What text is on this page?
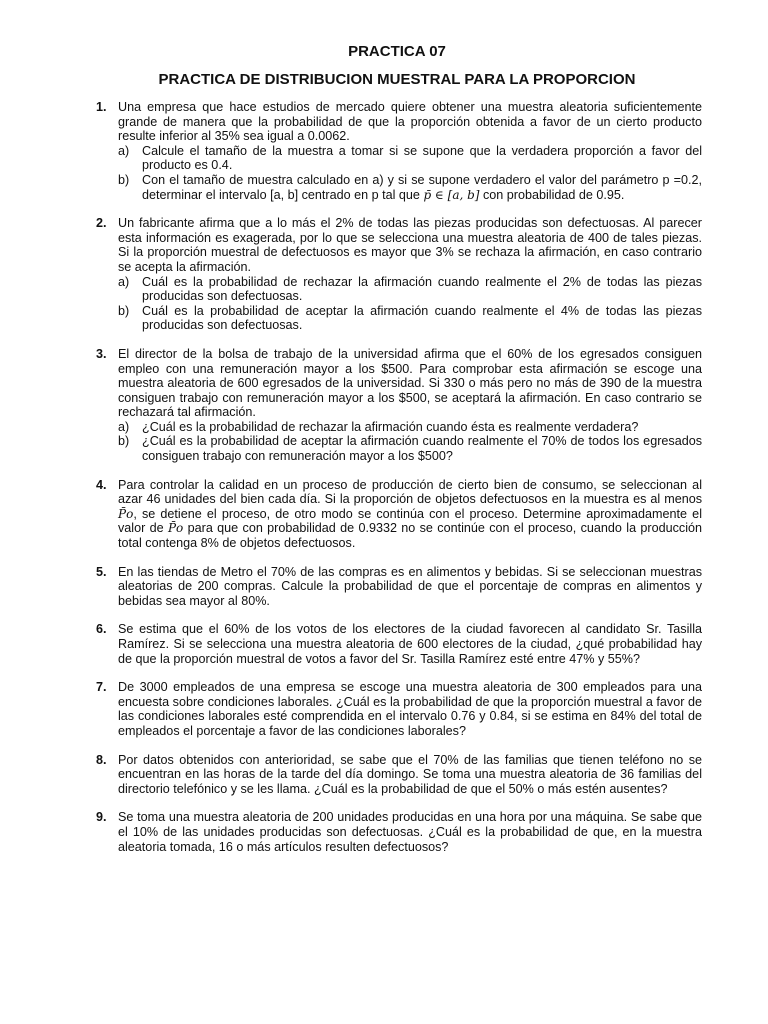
PRACTICA 07
PRACTICA DE DISTRIBUCION MUESTRAL PARA LA PROPORCION
1. Una empresa que hace estudios de mercado quiere obtener una muestra aleatoria suficientemente grande de manera que la probabilidad de que la proporción obtenida a favor de un cierto producto resulte inferior al 35% sea igual a 0.0062.
a) Calcule el tamaño de la muestra a tomar si se supone que la verdadera proporción a favor del producto es 0.4.
b) Con el tamaño de muestra calculado en a) y si se supone verdadero el valor del parámetro p =0.2, determinar el intervalo [a, b] centrado en p tal que p̄ ∈ [a, b] con probabilidad de 0.95.
2. Un fabricante afirma que a lo más el 2% de todas las piezas producidas son defectuosas. Al parecer esta información es exagerada, por lo que se selecciona una muestra aleatoria de 400 de tales piezas. Si la proporción muestral de defectuosos es mayor que 3% se rechaza la afirmación, en caso contrario se acepta la afirmación.
a) Cuál es la probabilidad de rechazar la afirmación cuando realmente el 2% de todas las piezas producidas son defectuosas.
b) Cuál es la probabilidad de aceptar la afirmación cuando realmente el 4% de todas las piezas producidas son defectuosas.
3. El director de la bolsa de trabajo de la universidad afirma que el 60% de los egresados consiguen empleo con una remuneración mayor a los $500. Para comprobar esta afirmación se escoge una muestra aleatoria de 600 egresados de la universidad. Si 330 o más pero no más de 390 de la muestra consiguen trabajo con remuneración mayor a los $500, se aceptará la afirmación. En caso contrario se rechazará tal afirmación.
a) ¿Cuál es la probabilidad de rechazar la afirmación cuando ésta es realmente verdadera?
b) ¿Cuál es la probabilidad de aceptar la afirmación cuando realmente el 70% de todos los egresados consiguen trabajo con remuneración mayor a los $500?
4. Para controlar la calidad en un proceso de producción de cierto bien de consumo, se seleccionan al azar 46 unidades del bien cada día. Si la proporción de objetos defectuosos en la muestra es al menos P̄o, se detiene el proceso, de otro modo se continúa con el proceso. Determine aproximadamente el valor de P̄o para que con probabilidad de 0.9332 no se continúe con el proceso, cuando la producción total contenga 8% de objetos defectuosos.
5. En las tiendas de Metro el 70% de las compras es en alimentos y bebidas. Si se seleccionan muestras aleatorias de 200 compras. Calcule la probabilidad de que el porcentaje de compras en alimentos y bebidas sea mayor al 80%.
6. Se estima que el 60% de los votos de los electores de la ciudad favorecen al candidato Sr. Tasilla Ramírez. Si se selecciona una muestra aleatoria de 600 electores de la ciudad, ¿qué probabilidad hay de que la proporción muestral de votos a favor del Sr. Tasilla Ramírez esté entre 47% y 55%?
7. De 3000 empleados de una empresa se escoge una muestra aleatoria de 300 empleados para una encuesta sobre condiciones laborales. ¿Cuál es la probabilidad de que la proporción muestral a favor de las condiciones laborales esté comprendida en el intervalo 0.76 y 0.84, si se estima en 84% del total de empleados el porcentaje a favor de las condiciones laborales?
8. Por datos obtenidos con anterioridad, se sabe que el 70% de las familias que tienen teléfono no se encuentran en las horas de la tarde del día domingo. Se toma una muestra aleatoria de 36 familias del directorio telefónico y se les llama. ¿Cuál es la probabilidad de que el 50% o más estén ausentes?
9. Se toma una muestra aleatoria de 200 unidades producidas en una hora por una máquina. Se sabe que el 10% de las unidades producidas son defectuosas. ¿Cuál es la probabilidad de que, en la muestra aleatoria tomada, 16 o más artículos resulten defectuosos?
